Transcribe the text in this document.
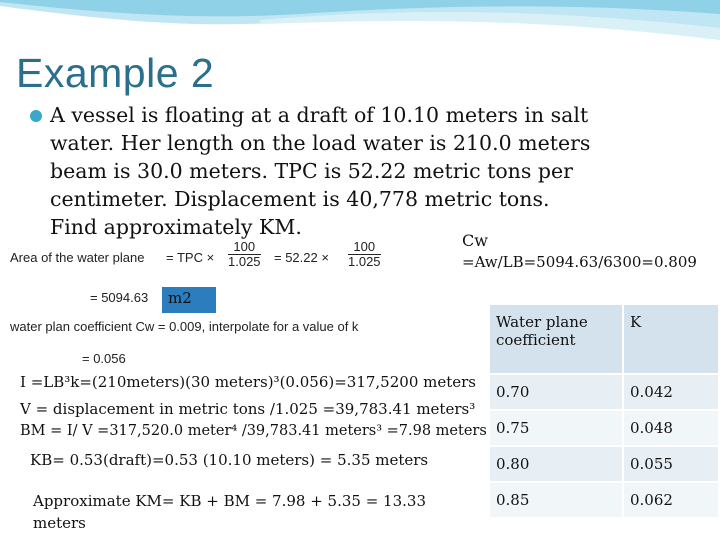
Example 2

A vessel is floating at a draft of 10.10 meters in salt
water. Her length on the load water is 210.0 meters
beam is 30.0 meters. TPC is 52.22 metric tons per
centimeter. Displacement is 40,778 metric tons.
Find approximately KM.

Area of the water plane = TPC × $\frac{100}{1.025} = 52.22 \times \frac{100}{1.025}$
= 5094.63 m2
water plan coefficient Cw = 0.009, interpolate for a value of k
= 0.056
Cw
=Aw/LB=5094.63/6300=0.809
I =LB³k=(210meters)(30 meters)³(0.056)=317,5200 meters
V = displacement in metric tons /1.025 =39,783.41 meters³
BM = I/ V =317,520.0 meter⁴ /39,783.41 meters³ =7.98 meters
KB= 0.53(draft)=0.53 (10.10 meters) = 5.35 meters
Approximate KM= KB + BM = 7.98 + 5.35 = 13.33
meters
Water plane coefficient	K
0.70	0.042
0.75	0.048
0.80	0.055
0.85	0.062
